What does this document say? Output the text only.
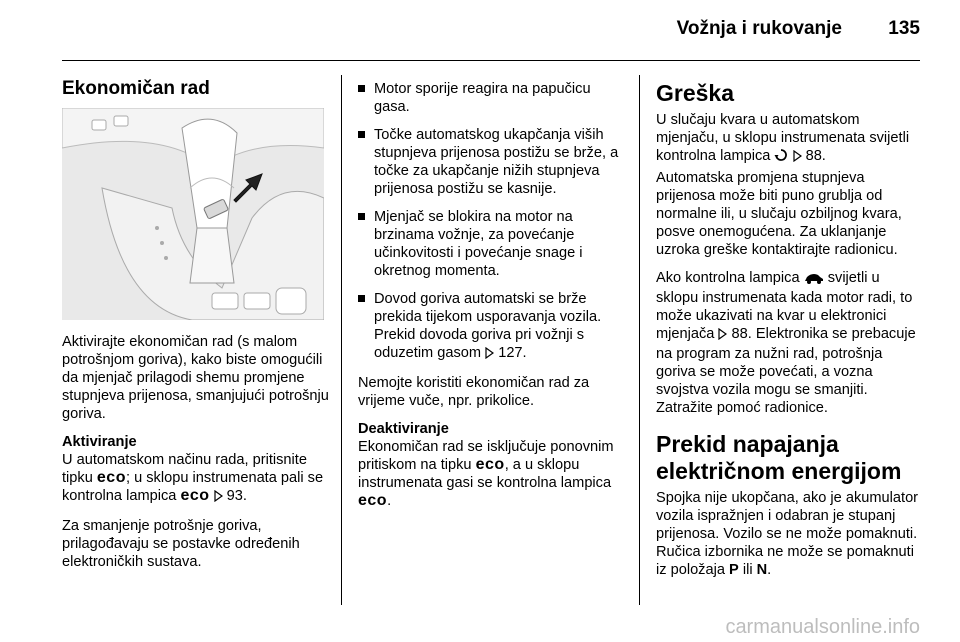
Vožnja i rukovanje 135
Ekonomičan rad

Aktivirajte ekonomičan rad (s malom potrošnjom goriva), kako biste omogućili da mjenjač prilagodi shemu promjene stupnjeva prijenosa, smanjujući potrošnju goriva.

Aktiviranje

U automatskom načinu rada, pritisnite tipku eco; u sklopu instrumenata pali se kontrolna lampica eco 93.

Za smanjenje potrošnje goriva, prilagođavaju se postavke određenih elektroničkih sustava.

Motor sporije reagira na papučicu gasa.
Točke automatskog ukapčanja viših stupnjeva prijenosa postižu se brže, a točke za ukapčanje nižih stupnjeva prijenosa postižu se kasnije.
Mjenjač se blokira na motor na brzinama vožnje, za povećanje učinkovitosti i povećanje snage i okretnog momenta.
Dovod goriva automatski se brže prekida tijekom usporavanja vozila. Prekid dovoda goriva pri vožnji s oduzetim gasom 127.

Nemojte koristiti ekonomičan rad za vrijeme vuče, npr. prikolice.

Deaktiviranje

Ekonomičan rad se isključuje ponovnim pritiskom na tipku eco, a u sklopu instrumenata gasi se kontrolna lampica eco.

Greška

U slučaju kvara u automatskom mjenjaču, u sklopu instrumenata svijetli kontrolna lampica 88.

Automatska promjena stupnjeva prijenosa može biti puno grublja od normalne ili, u slučaju ozbiljnog kvara, posve onemogućena. Za uklanjanje uzroka greške kontaktirajte radionicu.

Ako kontrolna lampica svijetli u sklopu instrumenata kada motor radi, to može ukazivati na kvar u elektronici mjenjača 88. Elektronika se prebacuje na program za nužni rad, potrošnja goriva se može povećati, a vozna svojstva vozila mogu se smanjiti. Zatražite pomoć radionice.

Prekid napajanja električnom energijom

Spojka nije ukopčana, ako je akumulator vozila ispražnjen i odabran je stupanj prijenosa. Vozilo se ne može pomaknuti. Ručica izbornika ne može se pomaknuti iz položaja P ili N.

carmanualsonline.info
